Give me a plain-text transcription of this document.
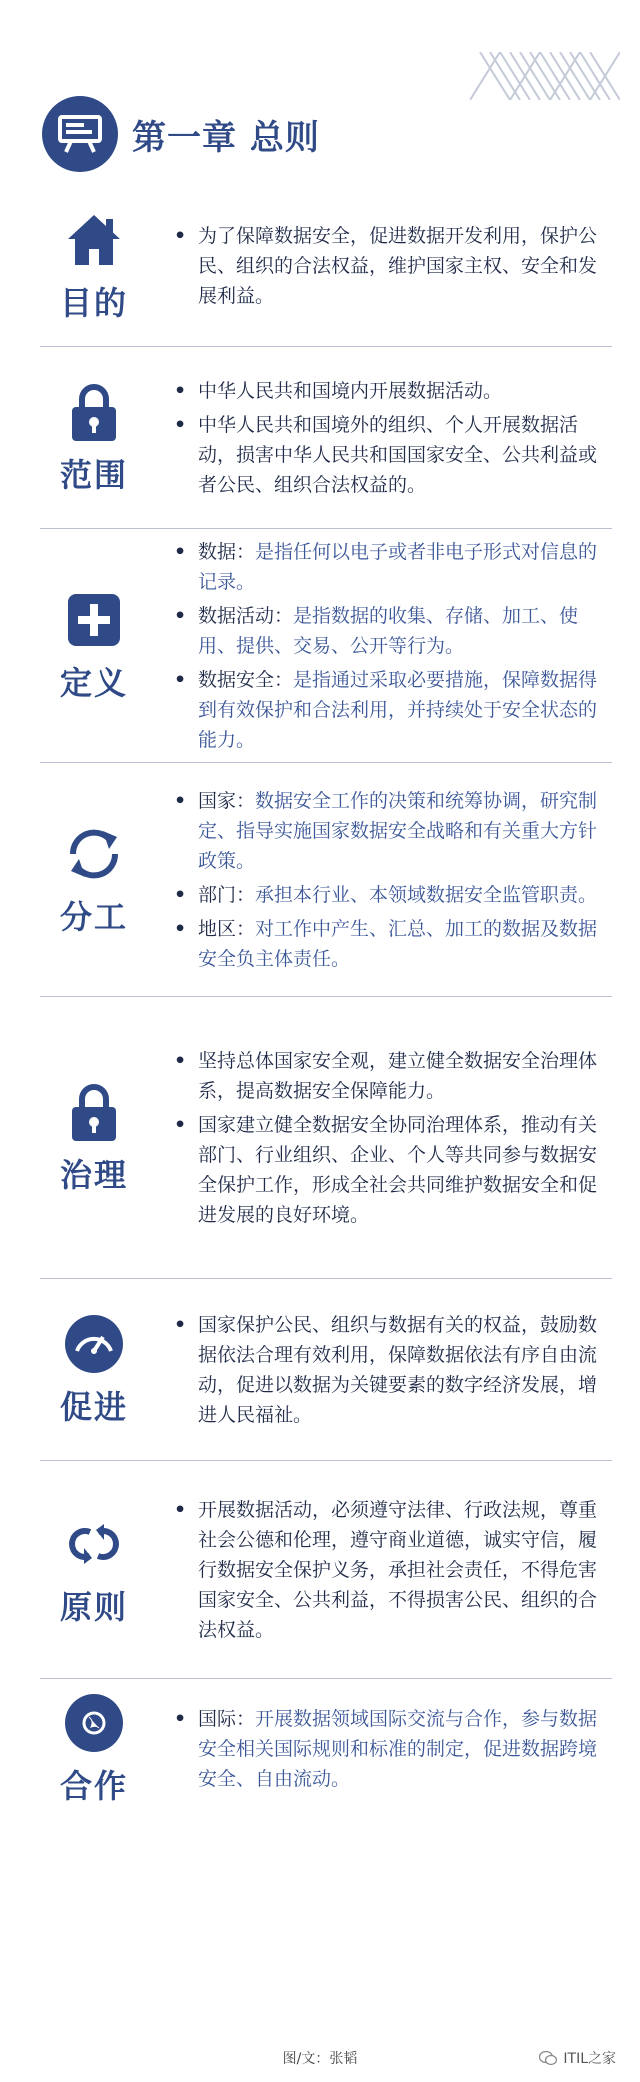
第一章 总则
目的
• 为了保障数据安全，促进数据开发利用，保护公民、组织的合法权益，维护国家主权、安全和发展利益。
范围
• 中华人民共和国境内开展数据活动。
• 中华人民共和国境外的组织、个人开展数据活动，损害中华人民共和国国家安全、公共利益或者公民、组织合法权益的。
定义
• 数据：是指任何以电子或者非电子形式对信息的记录。
• 数据活动：是指数据的收集、存储、加工、使用、提供、交易、公开等行为。
• 数据安全：是指通过采取必要措施，保障数据得到有效保护和合法利用，并持续处于安全状态的能力。
分工
• 国家：数据安全工作的决策和统筹协调，研究制定、指导实施国家数据安全战略和有关重大方针政策。
• 部门：承担本行业、本领域数据安全监管职责。
• 地区：对工作中产生、汇总、加工的数据及数据安全负主体责任。
治理
• 坚持总体国家安全观，建立健全数据安全治理体系，提高数据安全保障能力。
• 国家建立健全数据安全协同治理体系，推动有关部门、行业组织、企业、个人等共同参与数据安全保护工作，形成全社会共同维护数据安全和促进发展的良好环境。
促进
• 国家保护公民、组织与数据有关的权益，鼓励数据依法合理有效利用，保障数据依法有序自由流动，促进以数据为关键要素的数字经济发展，增进人民福祉。
原则
• 开展数据活动，必须遵守法律、行政法规，尊重社会公德和伦理，遵守商业道德，诚实守信，履行数据安全保护义务，承担社会责任，不得危害国家安全、公共利益，不得损害公民、组织的合法权益。
合作
• 国际：开展数据领域国际交流与合作，参与数据安全相关国际规则和标准的制定，促进数据跨境安全、自由流动。
图/文：张韬	ITIL之家
